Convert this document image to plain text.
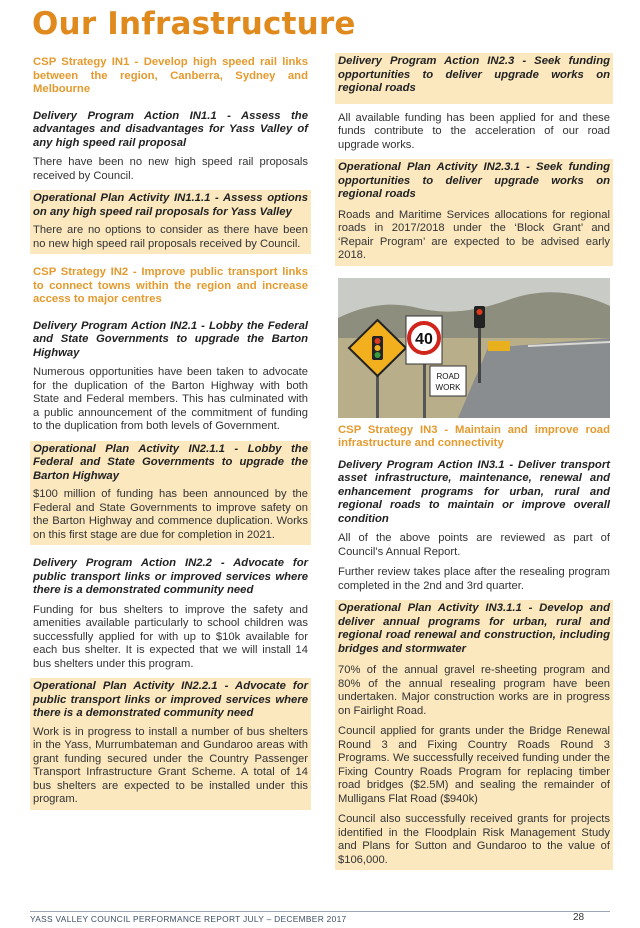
Our Infrastructure

CSP Strategy IN1 - Develop high speed rail links between the region, Canberra, Sydney and Melbourne

Delivery Program Action IN1.1 - Assess the advantages and disadvantages for Yass Valley of any high speed rail proposal

There have been no new high speed rail proposals received by Council.

Operational Plan Activity IN1.1.1 - Assess options on any high speed rail proposals for Yass Valley

There are no options to consider as there have been no new high speed rail proposals received by Council.

CSP Strategy IN2 - Improve public transport links to connect towns within the region and increase access to major centres

Delivery Program Action IN2.1 - Lobby the Federal and State Governments to upgrade the Barton Highway

Numerous opportunities have been taken to advocate for the duplication of the Barton Highway with both State and Federal members. This has culminated with a public announcement of the commitment of funding to the duplication from both levels of Government.

Operational Plan Activity IN2.1.1 - Lobby the Federal and State Governments to upgrade the Barton Highway

$100 million of funding has been announced by the Federal and State Governments to improve safety on the Barton Highway and commence duplication. Works on this first stage are due for completion in 2021.

Delivery Program Action IN2.2 - Advocate for public transport links or improved services where there is a demonstrated community need

Funding for bus shelters to improve the safety and amenities available particularly to school children was successfully applied for with up to $10k available for each bus shelter. It is expected that we will install 14 bus shelters under this program.

Operational Plan Activity IN2.2.1 - Advocate for public transport links or improved services where there is a demonstrated community need

Work is in progress to install a number of bus shelters in the Yass, Murrumbateman and Gundaroo areas with grant funding secured under the Country Passenger Transport Infrastructure Grant Scheme. A total of 14 bus shelters are expected to be installed under this program.

Delivery Program Action IN2.3 - Seek funding opportunities to deliver upgrade works on regional roads

All available funding has been applied for and these funds contribute to the acceleration of our road upgrade works.

Operational Plan Activity IN2.3.1 - Seek funding opportunities to deliver upgrade works on regional roads

Roads and Maritime Services allocations for regional roads in 2017/2018 under the ‘Block Grant’ and ‘Repair Program’ are expected to be advised early 2018.

40
ROAD
WORK

CSP Strategy IN3 - Maintain and improve road infrastructure and connectivity

Delivery Program Action IN3.1 - Deliver transport asset infrastructure, maintenance, renewal and enhancement programs for urban, rural and regional roads to maintain or improve overall condition

All of the above points are reviewed as part of Council’s Annual Report.

Further review takes place after the resealing program completed in the 2nd and 3rd quarter.

Operational Plan Activity IN3.1.1 - Develop and deliver annual programs for urban, rural and regional road renewal and construction, including bridges and stormwater

70% of the annual gravel re-sheeting program and 80% of the annual resealing program have been undertaken. Major construction works are in progress on Fairlight Road.

Council applied for grants under the Bridge Renewal Round 3 and Fixing Country Roads Round 3 Programs. We successfully received funding under the Fixing Country Roads Program for replacing timber road bridges ($2.5M) and sealing the remainder of Mulligans Flat Road ($940k)

Council also successfully received grants for projects identified in the Floodplain Risk Management Study and Plans for Sutton and Gundaroo to the value of $106,000.

YASS VALLEY COUNCIL PERFORMANCE REPORT JULY – DECEMBER 2017	28
